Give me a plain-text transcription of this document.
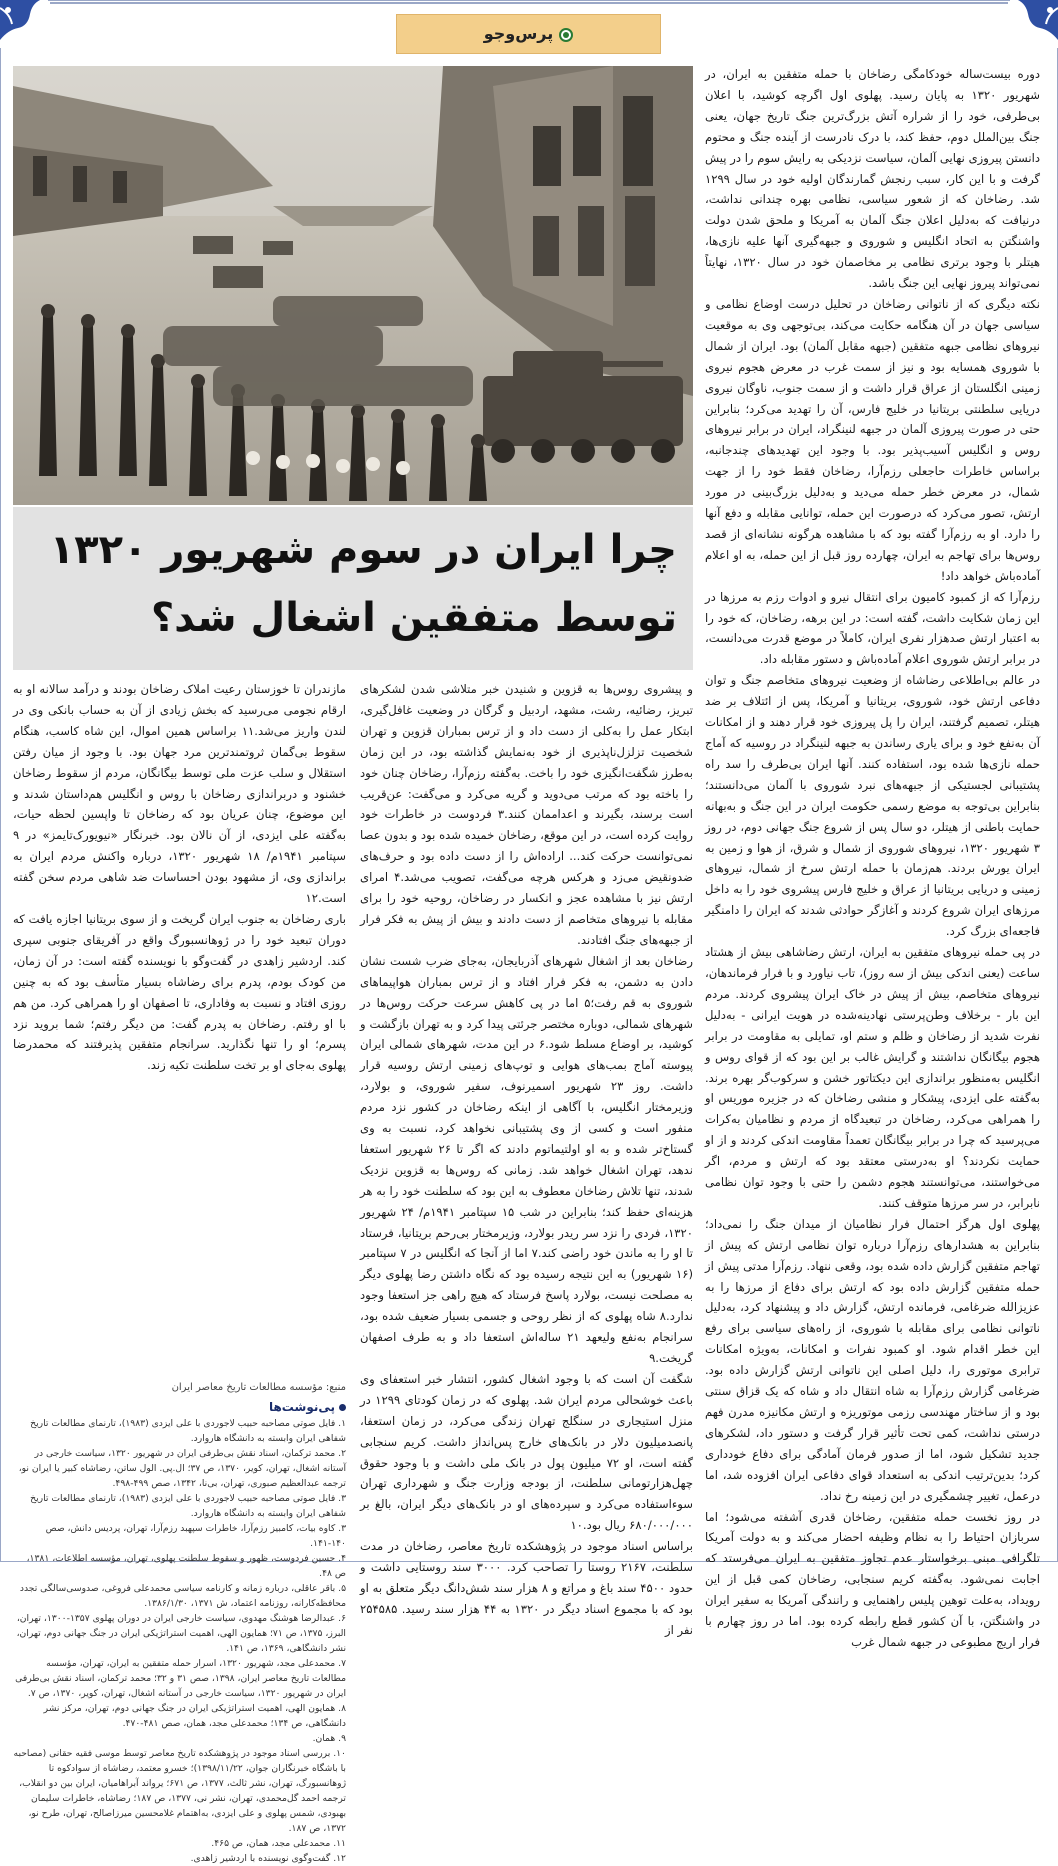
پرس‌و‌جو
چرا ایران در سوم شهریور ۱۳۲۰
توسط متفقین اشغال شد؟

دوره بیست‌ساله خودکامگی رضاخان با حمله متفقین به ایران، در شهریور ۱۳۲۰ به پایان رسید. پهلوی اول اگرچه کوشید، با اعلان بی‌طرفی، خود را از شراره آتش بزرگ‌ترین جنگ تاریخ جهان، یعنی جنگ بین‌الملل دوم، حفظ کند، با درک نادرست از آینده جنگ و محتوم دانستن پیروزی نهایی آلمان، سیاست نزدیکی به رایش سوم را در پیش گرفت و با این کار، سبب رنجش گمارندگان اولیه خود در سال ۱۲۹۹ شد. رضاخان که از شعور سیاسی، نظامی بهره چندانی نداشت، درنیافت که به‌دلیل اعلان جنگ آلمان به آمریکا و ملحق شدن دولت واشنگتن به اتحاد انگلیس و شوروی و جبهه‌گیری آنها علیه نازی‌ها، هیتلر با وجود برتری نظامی بر مخاصمان خود در سال ۱۳۲۰، نهایتاً نمی‌تواند پیروز نهایی این جنگ باشد.

نکته دیگری که از ناتوانی رضاخان در تحلیل درست اوضاع نظامی و سیاسی جهان در آن هنگامه حکایت می‌کند، بی‌توجهی وی به موقعیت نیروهای نظامی جبهه متفقین (جبهه مقابل آلمان) بود. ایران از شمال با شوروی همسایه بود و نیز از سمت غرب در معرض هجوم نیروی زمینی انگلستان از عراق قرار داشت و از سمت جنوب، ناوگان نیروی دریایی سلطنتی بریتانیا در خلیج فارس، آن را تهدید می‌کرد؛ بنابراین حتی در صورت پیروزی آلمان در جبهه لنینگراد، ایران در برابر نیروهای روس و انگلیس آسیب‌پذیر بود. با وجود این تهدیدهای چندجانبه، براساس خاطرات حاجعلی رزم‌آرا، رضاخان فقط خود را از جهت شمال، در معرض خطر حمله می‌دید و به‌دلیل بزرگ‌بینی در مورد ارتش، تصور می‌کرد که درصورت این حمله، توانایی مقابله و دفع آنها را دارد. او به رزم‌آرا گفته بود که با مشاهده هرگونه نشانه‌ای از قصد روس‌ها برای تهاجم به ایران، چهارده روز قبل از این حمله، به او اعلام آماده‌باش خواهد داد!

رزم‌آرا که از کمبود کامیون برای انتقال نیرو و ادوات رزم به مرزها در این زمان شکایت داشت، گفته است: در این برهه، رضاخان، که خود را به اعتبار ارتش صدهزار نفری ایران، کاملاً در موضع قدرت می‌دانست، در برابر ارتش شوروی اعلام آماده‌باش و دستور مقابله داد.

در عالم بی‌اطلاعی رضاشاه از وضعیت نیروهای متخاصم جنگ و توان دفاعی ارتش خود، شوروی، بریتانیا و آمریکا، پس از ائتلاف بر ضد هیتلر، تصمیم گرفتند، ایران را پل پیروزی خود قرار دهند و از امکانات آن به‌نفع خود و برای یاری رساندن به جبهه لنینگراد در روسیه که آماج حمله نازی‌ها شده بود، استفاده کنند. آنها ایران بی‌طرف را سد راه پشتیبانی لجستیکی از جبهه‌های نبرد شوروی با آلمان می‌دانستند؛ بنابراین بی‌توجه به موضع رسمی حکومت ایران در این جنگ و به‌بهانه حمایت باطنی از هیتلر، دو سال پس از شروع جنگ جهانی دوم، در روز ۳ شهریور ۱۳۲۰، نیروهای شوروی از شمال و شرق، از هوا و زمین به ایران یورش بردند. هم‌زمان با حمله ارتش سرخ از شمال، نیروهای زمینی و دریایی بریتانیا از عراق و خلیج فارس پیشروی خود را به داخل مرزهای ایران شروع کردند و آغازگر حوادثی شدند که ایران را دامنگیر فاجعه‌ای بزرگ کرد.

در پی حمله نیروهای متفقین به ایران، ارتش رضاشاهی بیش از هشتاد ساعت (یعنی اندکی بیش از سه روز)، تاب نیاورد و با فرار فرماندهان، نیروهای متخاصم، بیش از پیش در خاک ایران پیشروی کردند. مردم این بار - برخلاف وطن‌پرستی نهادینه‌شده در هویت ایرانی - به‌دلیل نفرت شدید از رضاخان و ظلم و ستم او، تمایلی به مقاومت در برابر هجوم بیگانگان نداشتند و گرایش غالب بر این بود که از قوای روس و انگلیس به‌منظور براندازی این دیکتاتور خشن و سرکوب‌گر بهره برند. به‌گفته علی ایزدی، پیشکار و منشی رضاخان که در جزیره موریس او را همراهی می‌کرد، رضاخان در تبعیدگاه از مردم و نظامیان به‌کرات می‌پرسید که چرا در برابر بیگانگان تعمداً مقاومت اندکی کردند و از او حمایت نکردند؟ او به‌درستی معتقد بود که ارتش و مردم، اگر می‌خواستند، می‌توانستند هجوم دشمن را حتی با وجود توان نظامی نابرابر، در سر مرزها متوقف کنند.

پهلوی اول هرگز احتمال فرار نظامیان از میدان جنگ را نمی‌داد؛ بنابراین به هشدارهای رزم‌آرا درباره توان نظامی ارتش که پیش از تهاجم متفقین گزارش داده شده بود، وقعی ننهاد. رزم‌آرا مدتی پیش از حمله متفقین گزارش داده بود که ارتش برای دفاع از مرزها را به عزیزالله ضرغامی، فرمانده ارتش، گزارش داد و پیشنهاد کرد، به‌دلیل ناتوانی نظامی برای مقابله با شوروی، از راه‌های سیاسی برای رفع این خطر اقدام شود. او کمبود نفرات و امکانات، به‌ویژه امکانات ترابری موتوری را، دلیل اصلی این ناتوانی ارتش گزارش داده بود. ضرغامی گزارش رزم‌آرا به شاه انتقال داد و شاه که یک قزاق سنتی بود و از ساختار مهندسی رزمی موتوریزه و ارتش مکانیزه مدرن فهم درستی نداشت، کمی تحت تأثیر قرار گرفت و دستور داد، لشکرهای جدید تشکیل شود، اما از صدور فرمان آمادگی برای دفاع خودداری کرد؛ بدین‌ترتیب اندکی به استعداد قوای دفاعی ایران افزوده شد، اما درعمل، تغییر چشمگیری در این زمینه رخ نداد.

در روز نخست حمله متفقین، رضاخان قدری آشفته می‌شود؛ اما سربازان احتیاط را به نظام وظیفه احضار می‌کند و به دولت آمریکا تلگرافی مبنی برخواستار عدم تجاوز متفقین به ایران می‌فرستد که اجابت نمی‌شود. به‌گفته کریم سنجابی، رضاخان کمی قبل از این رویداد، به‌علت توهین پلیس راهنمایی و رانندگی آمریکا به سفیر ایران در واشنگتن، با آن کشور قطع رابطه کرده بود. اما در روز چهارم با فرار اریج مطبوعی در جبهه شمال غرب

و پیشروی روس‌ها به قزوین و شنیدن خبر متلاشی شدن لشکرهای تبریز، رضائیه، رشت، مشهد، اردبیل و گرگان در وضعیت غافل‌گیری، ابتکار عمل را به‌کلی از دست داد و از ترس بمباران قزوین و تهران شخصیت تزلزل‌ناپذیری از خود به‌نمایش گذاشته بود، در این زمان به‌طرز شگفت‌انگیزی خود را باخت. به‌گفته رزم‌آرا، رضاخان چنان خود را باخته بود که مرتب می‌دوید و گریه می‌کرد و می‌گفت: عن‌قریب است برسند، بگیرند و اعداممان کنند.۳ فردوست در خاطرات خود روایت کرده است، در این موقع، رضاخان خمیده شده بود و بدون عصا نمی‌توانست حرکت کند... اراده‌اش را از دست داده بود و حرف‌های ضدونقیض می‌زد و هرکس هرچه می‌گفت، تصویب می‌شد.۴ امرای ارتش نیز با مشاهده عجز و انکسار در رضاخان، روحیه خود را برای مقابله با نیروهای متخاصم از دست دادند و بیش از پیش به فکر فرار از جبهه‌های جنگ افتادند.

رضاخان بعد از اشغال شهرهای آذربایجان، به‌جای ضرب شست نشان دادن به دشمن، به فکر فرار افتاد و از ترس بمباران هواپیماهای شوروی به قم رفت؛۵ اما در پی کاهش سرعت حرکت روس‌ها در شهرهای شمالی، دوباره مختصر جرئتی پیدا کرد و به تهران بازگشت و کوشید، بر اوضاع مسلط شود.۶ در این مدت، شهرهای شمالی ایران پیوسته آماج بمب‌های هوایی و توپ‌های زمینی ارتش روسیه قرار داشت. روز ۲۳ شهریور اسمیرنوف، سفیر شوروی، و بولارد، وزیرمختار انگلیس، با آگاهی از اینکه رضاخان در کشور نزد مردم منفور است و کسی از وی پشتیبانی نخواهد کرد، نسبت به وی گستاخ‌تر شده و به او اولتیماتوم دادند که اگر تا ۲۶ شهریور استعفا ندهد، تهران اشغال خواهد شد. زمانی که روس‌ها به قزوین نزدیک شدند، تنها تلاش رضاخان معطوف به این بود که سلطنت خود را به هر هزینه‌ای حفظ کند؛ بنابراین در شب ۱۵ سپتامبر ۱۹۴۱م/ ۲۴ شهریور ۱۳۲۰، فردی را نزد سر ریدر بولارد، وزیرمختار بی‌رحم بریتانیا، فرستاد تا او را به ماندن خود راضی کند.۷ اما از آنجا که انگلیس در ۷ سپتامبر (۱۶ شهریور) به این نتیجه رسیده بود که نگاه داشتن رضا پهلوی دیگر به مصلحت نیست، بولارد پاسخ فرستاد که هیچ راهی جز استعفا وجود ندارد.۸ شاه پهلوی که از نظر روحی و جسمی بسیار ضعیف شده بود، سرانجام به‌نفع ولیعهد ۲۱ ساله‌اش استعفا داد و به طرف اصفهان گریخت.۹

شگفت آن است که با وجود اشغال کشور، انتشار خبر استعفای وی باعث خوشحالی مردم ایران شد. پهلوی که در زمان کودتای ۱۲۹۹ در منزل استیجاری در سنگلج تهران زندگی می‌کرد، در زمان استعفا، پانصدمیلیون دلار در بانک‌های خارج پس‌انداز داشت. کریم سنجابی گفته است، او ۷۲ میلیون پول در بانک ملی داشت و با وجود حقوق چهل‌هزارتومانی سلطنت، از بودجه وزارت جنگ و شهرداری تهران سوءاستفاده می‌کرد و سپرده‌های او در بانک‌های دیگر ایران، بالغ بر ۶۸۰/۰۰۰/۰۰۰ ریال بود.۱۰

براساس اسناد موجود در پژوهشکده تاریخ معاصر، رضاخان در مدت سلطنت، ۲۱۶۷ روستا را تصاحب کرد. ۳۰۰۰ سند روستایی داشت و حدود ۴۵۰۰ سند باغ و مراتع و ۸ هزار سند شش‌دانگ دیگر متعلق به او بود که با مجموع اسناد دیگر در ۱۳۲۰ به ۴۴ هزار سند رسید. ۲۵۴۵۸۵ نفر از

مازندران تا خوزستان رعیت املاک رضاخان بودند و درآمد سالانه او به ارقام نجومی می‌رسید که بخش زیادی از آن به حساب بانکی وی در لندن واریز می‌شد.۱۱ براساس همین اموال، این شاه کاسب، هنگام سقوط بی‌گمان ثروتمندترین مرد جهان بود. با وجود از میان رفتن استقلال و سلب عزت ملی توسط بیگانگان، مردم از سقوط رضاخان خشنود و دربراندازی رضاخان با روس و انگلیس هم‌داستان شدند و این موضوع، چنان عریان بود که رضاخان تا واپسین لحظه حیات، به‌گفته علی ایزدی، از آن نالان بود. خبرنگار «نیویورک‌تایمز» در ۹ سپتامبر ۱۹۴۱م/ ۱۸ شهریور ۱۳۲۰، درباره واکنش مردم ایران به براندازی وی، از مشهود بودن احساسات ضد شاهی مردم سخن گفته است.۱۲

باری رضاخان به جنوب ایران گریخت و از سوی بریتانیا اجازه یافت که دوران تبعید خود را در ژوهانسبورگ واقع در آفریقای جنوبی سپری کند. اردشیر زاهدی در گفت‌وگو با نویسنده گفته است: در آن زمان، من کودک بودم، پدرم برای رضاشاه بسیار متأسف بود که به چنین روزی افتاد و نسبت به وفاداری، تا اصفهان او را همراهی کرد. من هم با او رفتم. رضاخان به پدرم گفت: من دیگر رفتم؛ شما بروید نزد پسرم؛ او را تنها نگذارید. سرانجام متفقین پذیرفتند که محمدرضا پهلوی به‌جای او بر تخت سلطنت تکیه زند.

منبع: مؤسسه مطالعات تاریخ معاصر ایران
پی‌نوشت‌ها
۱. فایل صوتی مصاحبه حبیب لاجوردی با علی ایزدی (۱۹۸۳)، تارنمای مطالعات تاریخ شفاهی ایران وابسته به دانشگاه هاروارد.
۲. محمد ترکمان، اسناد نقش بی‌طرفی ایران در شهریور ۱۳۲۰، سیاست خارجی در آستانه اشغال، تهران، کویر، ۱۳۷۰، ص ۳۷؛ ال.پی. الول ساتن، رضاشاه کبیر یا ایران نو، ترجمه عبدالعظیم صبوری، تهران، بی‌نا، ۱۳۴۲، صص ۴۹۹-۴۹۸.
۳. فایل صوتی مصاحبه حبیب لاجوردی با علی ایزدی (۱۹۸۳)، تارنمای مطالعات تاریخ شفاهی ایران وابسته به دانشگاه هاروارد.
۳. کاوه بیات، کامبیز رزم‌آرا، خاطرات سپهبد رزم‌آرا، تهران، پردیس دانش، صص ۱۴۰-۱۴۱.
۴. حسین فردوست، ظهور و سقوط سلطنت پهلوی، تهران، مؤسسه اطلاعات، ۱۳۸۱، ص ۴۸.
۵. باقر عاقلی، درباره زمانه و کارنامه سیاسی محمدعلی فروغی، صدوسی‌سالگی تجدد محافظه‌کارانه، روزنامه اعتماد، ش ۱۳۷۱، ۱۳۸۶/۱/۳۰.
۶. عبدالرضا هوشنگ مهدوی، سیاست خارجی ایران در دوران پهلوی ۱۳۵۷-۱۳۰۰، تهران، البرز، ۱۳۷۵، ص ۷۱؛ همایون الهی، اهمیت استراتژیکی ایران در جنگ جهانی دوم، تهران، نشر دانشگاهی، ۱۳۶۹، ص ۱۴۱.
۷. محمدعلی مجد، شهریور ۱۳۲۰، اسرار حمله متفقین به ایران، تهران، مؤسسه مطالعات تاریخ معاصر ایران، ۱۳۹۸، صص ۳۱ و ۳۲؛ محمد ترکمان، اسناد نقش بی‌طرفی ایران در شهریور ۱۳۲۰، سیاست خارجی در آستانه اشغال، تهران، کویر، ۱۳۷۰، ص ۷.
۸. همایون الهی، اهمیت استراتژیکی ایران در جنگ جهانی دوم، تهران، مرکز نشر دانشگاهی، ص ۱۳۴؛ محمدعلی مجد، همان، صص ۴۸۱-۴۷۰.
۹. همان.
۱۰. بررسی اسناد موجود در پژوهشکده تاریخ معاصر توسط موسی فقیه حقانی (مصاحبه با باشگاه خبرنگاران جوان، ۱۳۹۸/۱۱/۲۲)؛ خسرو معتمد، رضاشاه از سوادکوه تا ژوهانسبورگ، تهران، نشر ثالث، ۱۳۷۷، ص ۶۷۱؛ یرواند آبراهامیان، ایران بین دو انقلاب، ترجمه احمد گل‌محمدی، تهران، نشر نی، ۱۳۷۷، ص ۱۸۷؛ رضاشاه، خاطرات سلیمان بهبودی، شمس پهلوی و علی ایزدی، به‌اهتمام غلامحسین میرزاصالح، تهران، طرح نو، ۱۳۷۲، ص ۱۸۷.
۱۱. محمدعلی مجد، همان، ص ۴۶۵.
۱۲. گفت‌وگوی نویسنده با اردشیر زاهدی.
